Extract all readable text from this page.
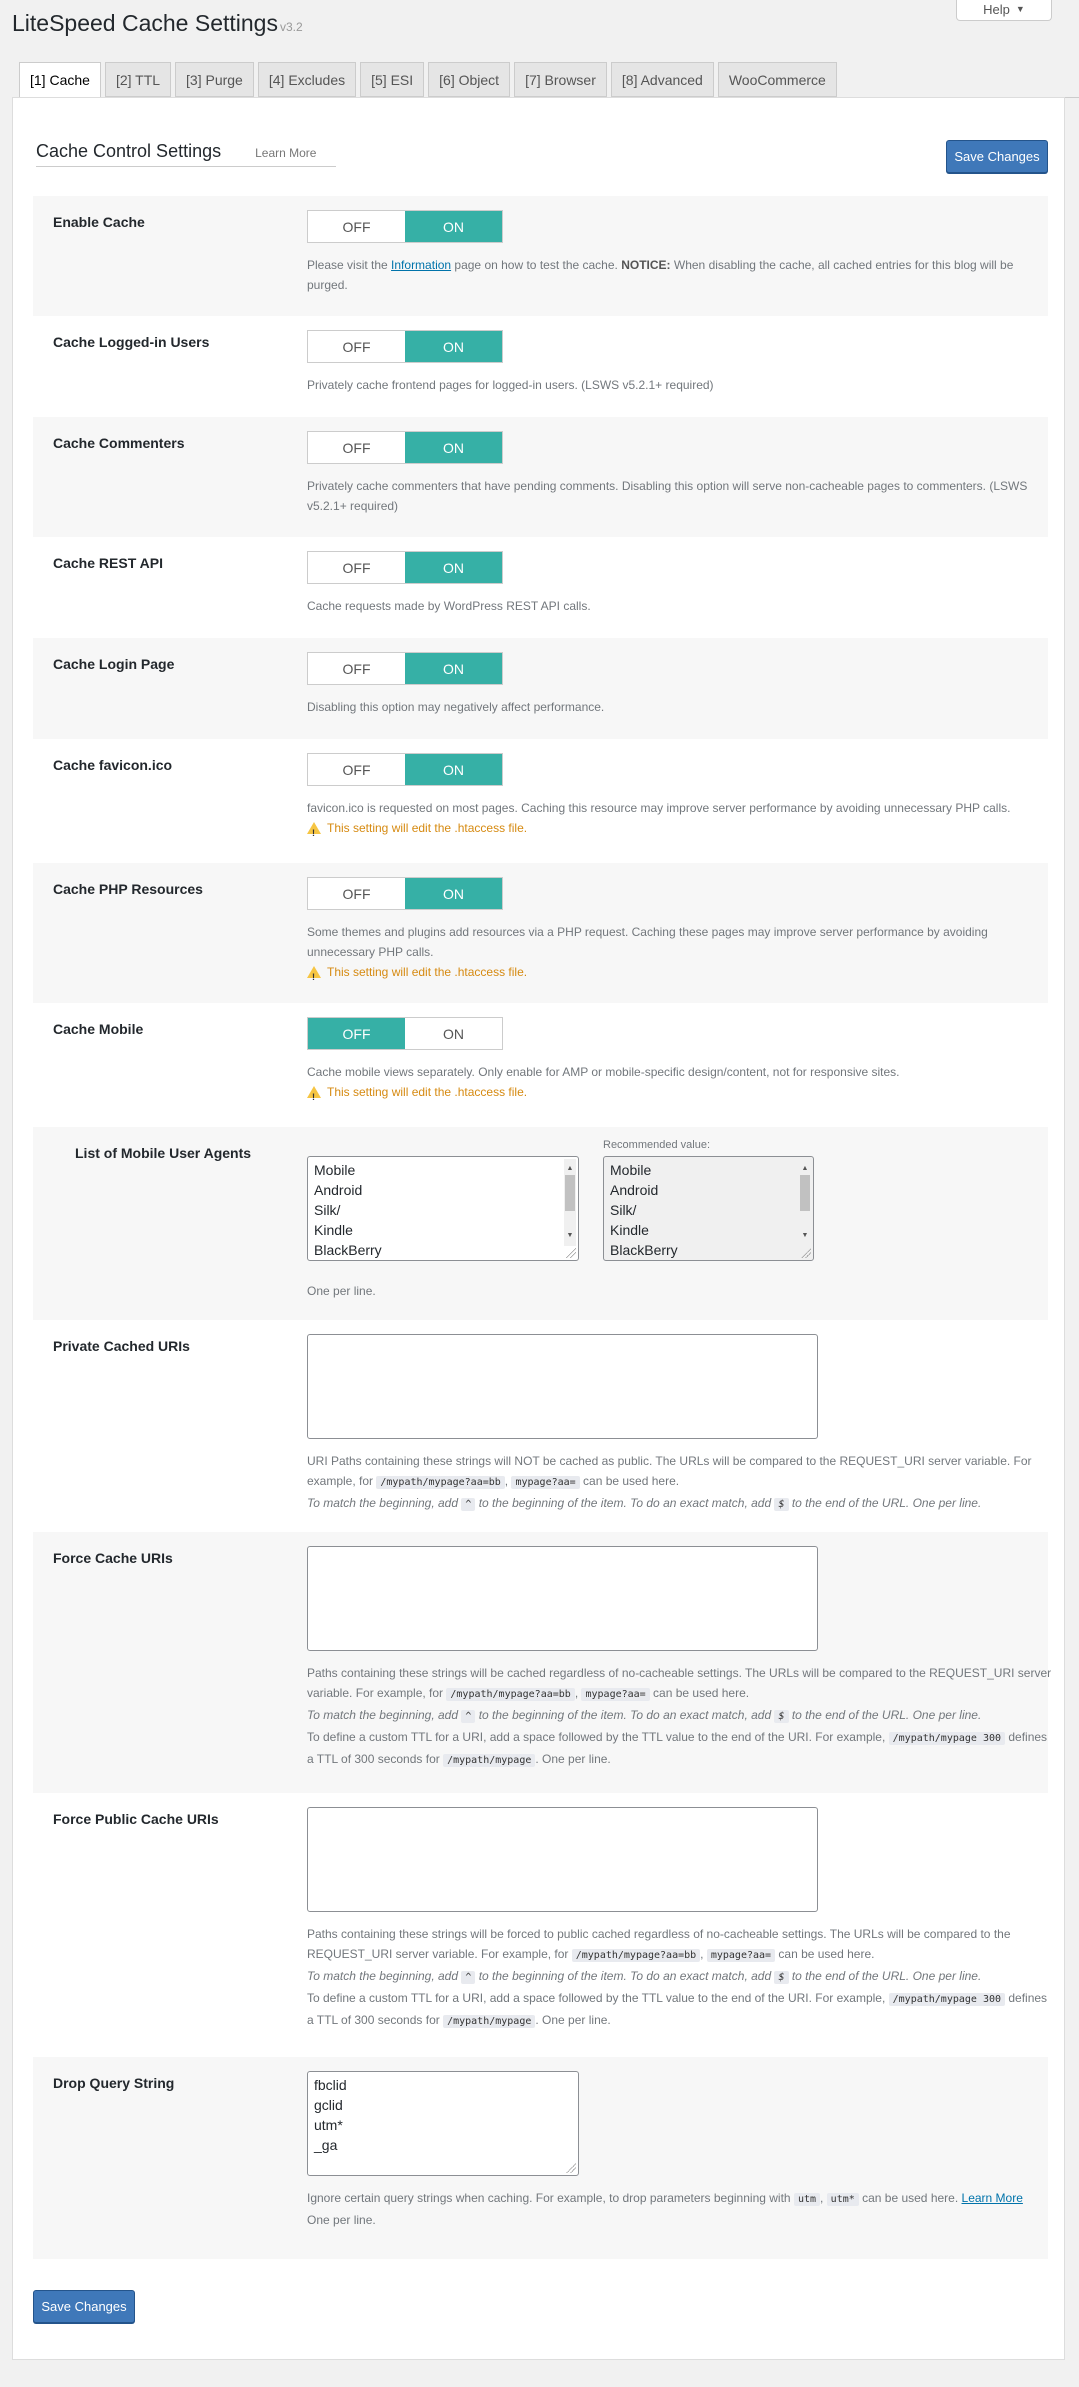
LiteSpeed Cache Settings v3.2
Help ▼
[1] Cache	[2] TTL	[3] Purge	[4] Excludes	[5] ESI	[6] Object	[7] Browser	[8] Advanced	WooCommerce
Cache Control Settings	Learn More	Save Changes
Enable Cache	OFF	ON
Please visit the Information page on how to test the cache. NOTICE: When disabling the cache, all cached entries for this blog will be purged.
Cache Logged-in Users	OFF	ON
Privately cache frontend pages for logged-in users. (LSWS v5.2.1+ required)
Cache Commenters	OFF	ON
Privately cache commenters that have pending comments. Disabling this option will serve non-cacheable pages to commenters. (LSWS v5.2.1+ required)
Cache REST API	OFF	ON
Cache requests made by WordPress REST API calls.
Cache Login Page	OFF	ON
Disabling this option may negatively affect performance.
Cache favicon.ico	OFF	ON
favicon.ico is requested on most pages. Caching this resource may improve server performance by avoiding unnecessary PHP calls.
!
This setting will edit the .htaccess file.
Cache PHP Resources	OFF	ON
Some themes and plugins add resources via a PHP request. Caching these pages may improve server performance by avoiding unnecessary PHP calls.
!
This setting will edit the .htaccess file.
Cache Mobile	OFF	ON
Cache mobile views separately. Only enable for AMP or mobile-specific design/content, not for responsive sites.
!
This setting will edit the .htaccess file.
List of Mobile User Agents	Recommended value:
Mobile
Android
Silk/
Kindle
BlackBerry
▲
▼
Mobile
Android
Silk/
Kindle
BlackBerry
▲
▼
One per line.
Private Cached URIs
URI Paths containing these strings will NOT be cached as public. The URLs will be compared to the REQUEST_URI server variable. For example, for /mypath/mypage?aa=bb , mypage?aa= can be used here.
To match the beginning, add ^ to the beginning of the item. To do an exact match, add $ to the end of the URL. One per line.
Force Cache URIs
Paths containing these strings will be cached regardless of no-cacheable settings. The URLs will be compared to the REQUEST_URI server variable. For example, for /mypath/mypage?aa=bb , mypage?aa= can be used here.
To match the beginning, add ^ to the beginning of the item. To do an exact match, add $ to the end of the URL. One per line.
To define a custom TTL for a URI, add a space followed by the TTL value to the end of the URI. For example, /mypath/mypage 300 defines a TTL of 300 seconds for /mypath/mypage . One per line.
Force Public Cache URIs
Paths containing these strings will be forced to public cached regardless of no-cacheable settings. The URLs will be compared to the REQUEST_URI server variable. For example, for /mypath/mypage?aa=bb , mypage?aa= can be used here.
To match the beginning, add ^ to the beginning of the item. To do an exact match, add $ to the end of the URL. One per line.
To define a custom TTL for a URI, add a space followed by the TTL value to the end of the URI. For example, /mypath/mypage 300 defines a TTL of 300 seconds for /mypath/mypage . One per line.
Drop Query String	fbclid
gclid
utm*
_ga
Ignore certain query strings when caching. For example, to drop parameters beginning with utm , utm* can be used here. Learn More
One per line.
Save Changes
